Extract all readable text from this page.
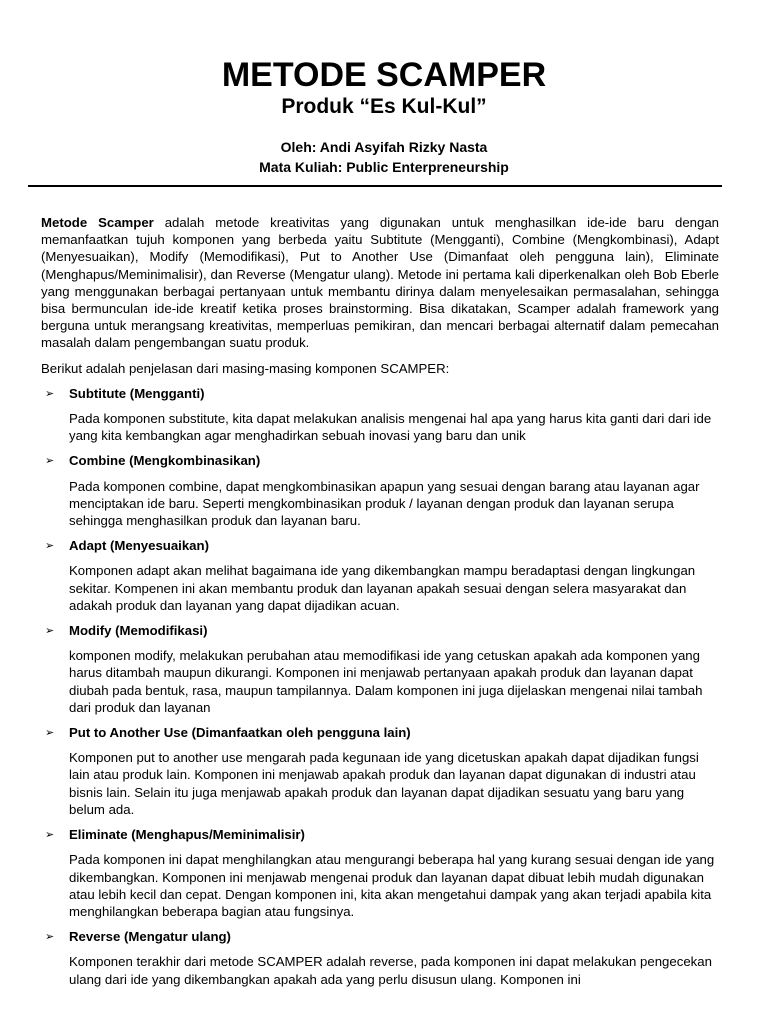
METODE SCAMPER
Produk “Es Kul-Kul”

Oleh: Andi Asyifah Rizky Nasta

Mata Kuliah: Public Enterpreneurship

Metode Scamper adalah metode kreativitas yang digunakan untuk menghasilkan ide-ide baru dengan memanfaatkan tujuh komponen yang berbeda yaitu Subtitute (Mengganti), Combine (Mengkombinasi), Adapt (Menyesuaikan), Modify (Memodifikasi), Put to Another Use (Dimanfaat oleh pengguna lain), Eliminate (Menghapus/Meminimalisir), dan Reverse (Mengatur ulang). Metode ini pertama kali diperkenalkan oleh Bob Eberle yang menggunakan berbagai pertanyaan untuk membantu dirinya dalam menyelesaikan permasalahan, sehingga bisa bermunculan ide-ide kreatif ketika proses brainstorming. Bisa dikatakan, Scamper adalah framework yang berguna untuk merangsang kreativitas, memperluas pemikiran, dan mencari berbagai alternatif dalam pemecahan masalah dalam pengembangan suatu produk.

Berikut adalah penjelasan dari masing-masing komponen SCAMPER:

➢ Subtitute (Mengganti)

Pada komponen substitute, kita dapat melakukan analisis mengenai hal apa yang harus kita ganti dari dari ide yang kita kembangkan agar menghadirkan sebuah inovasi yang baru dan unik

➢ Combine (Mengkombinasikan)

Pada komponen combine, dapat mengkombinasikan apapun yang sesuai dengan barang atau layanan agar menciptakan ide baru. Seperti mengkombinasikan produk / layanan dengan produk dan layanan serupa sehingga menghasilkan produk dan layanan baru.

➢ Adapt (Menyesuaikan)

Komponen adapt akan melihat bagaimana ide yang dikembangkan mampu beradaptasi dengan lingkungan sekitar. Kompenen ini akan membantu produk dan layanan apakah sesuai dengan selera masyarakat dan adakah produk dan layanan yang dapat dijadikan acuan.

➢ Modify (Memodifikasi)

komponen modify, melakukan perubahan atau memodifikasi ide yang cetuskan apakah ada komponen yang harus ditambah maupun dikurangi. Komponen ini menjawab pertanyaan apakah produk dan layanan dapat diubah pada bentuk, rasa, maupun tampilannya. Dalam komponen ini juga dijelaskan mengenai nilai tambah dari produk dan layanan

➢ Put to Another Use (Dimanfaatkan oleh pengguna lain)

Komponen put to another use mengarah pada kegunaan ide yang dicetuskan apakah dapat dijadikan fungsi lain atau produk lain. Komponen ini menjawab apakah produk dan layanan dapat digunakan di industri atau bisnis lain. Selain itu juga menjawab apakah produk dan layanan dapat dijadikan sesuatu yang baru yang belum ada.

➢ Eliminate (Menghapus/Meminimalisir)

Pada komponen ini dapat menghilangkan atau mengurangi beberapa hal yang kurang sesuai dengan ide yang dikembangkan. Komponen ini menjawab mengenai produk dan layanan dapat dibuat lebih mudah digunakan atau lebih kecil dan cepat. Dengan komponen ini, kita akan mengetahui dampak yang akan terjadi apabila kita menghilangkan beberapa bagian atau fungsinya.

➢ Reverse (Mengatur ulang)

Komponen terakhir dari metode SCAMPER adalah reverse, pada komponen ini dapat melakukan pengecekan ulang dari ide yang dikembangkan apakah ada yang perlu disusun ulang. Komponen ini
